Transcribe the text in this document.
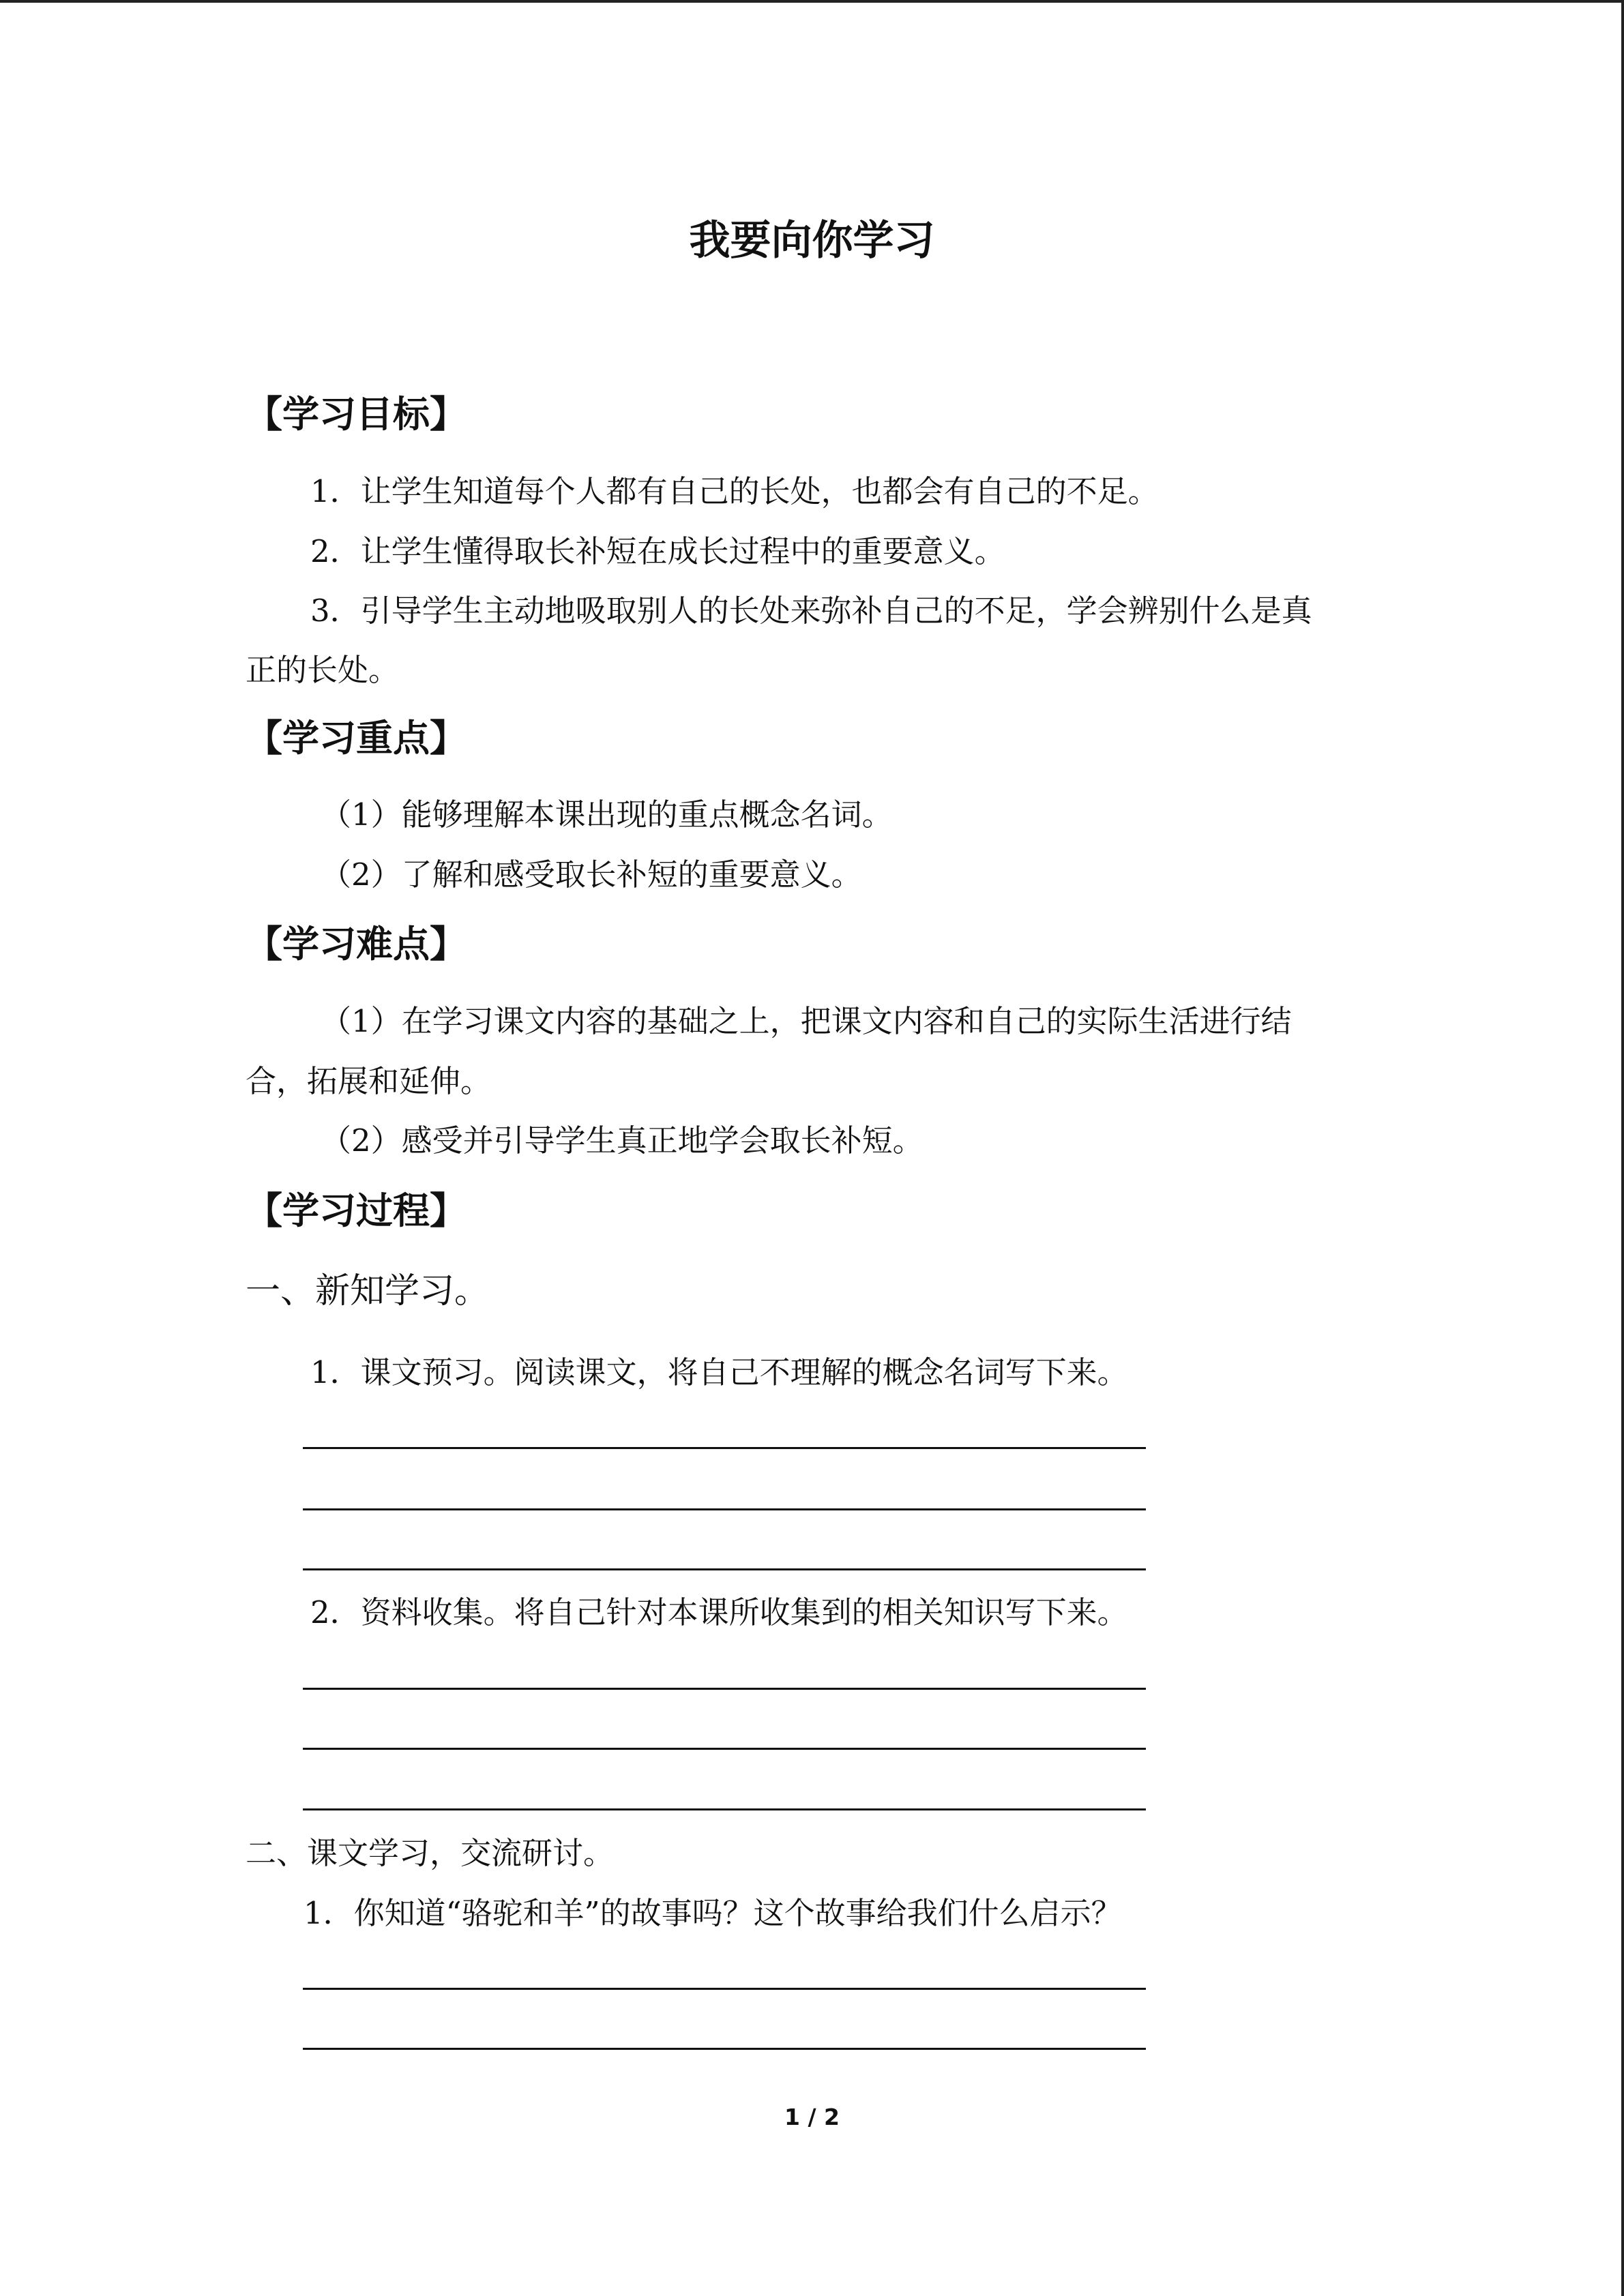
我要向你学习
【学习目标】
1．让学生知道每个人都有自己的长处，也都会有自己的不足。
2．让学生懂得取长补短在成长过程中的重要意义。
3．引导学生主动地吸取别人的长处来弥补自己的不足，学会辨别什么是真
正的长处。
【学习重点】
（1）能够理解本课出现的重点概念名词。
（2）了解和感受取长补短的重要意义。
【学习难点】
（1）在学习课文内容的基础之上，把课文内容和自己的实际生活进行结
合，拓展和延伸。
（2）感受并引导学生真正地学会取长补短。
【学习过程】
一、新知学习。
1．课文预习。阅读课文，将自己不理解的概念名词写下来。
2．资料收集。将自己针对本课所收集到的相关知识写下来。
二、课文学习，交流研讨。
1．你知道“骆驼和羊”的故事吗？这个故事给我们什么启示？
1 / 2
